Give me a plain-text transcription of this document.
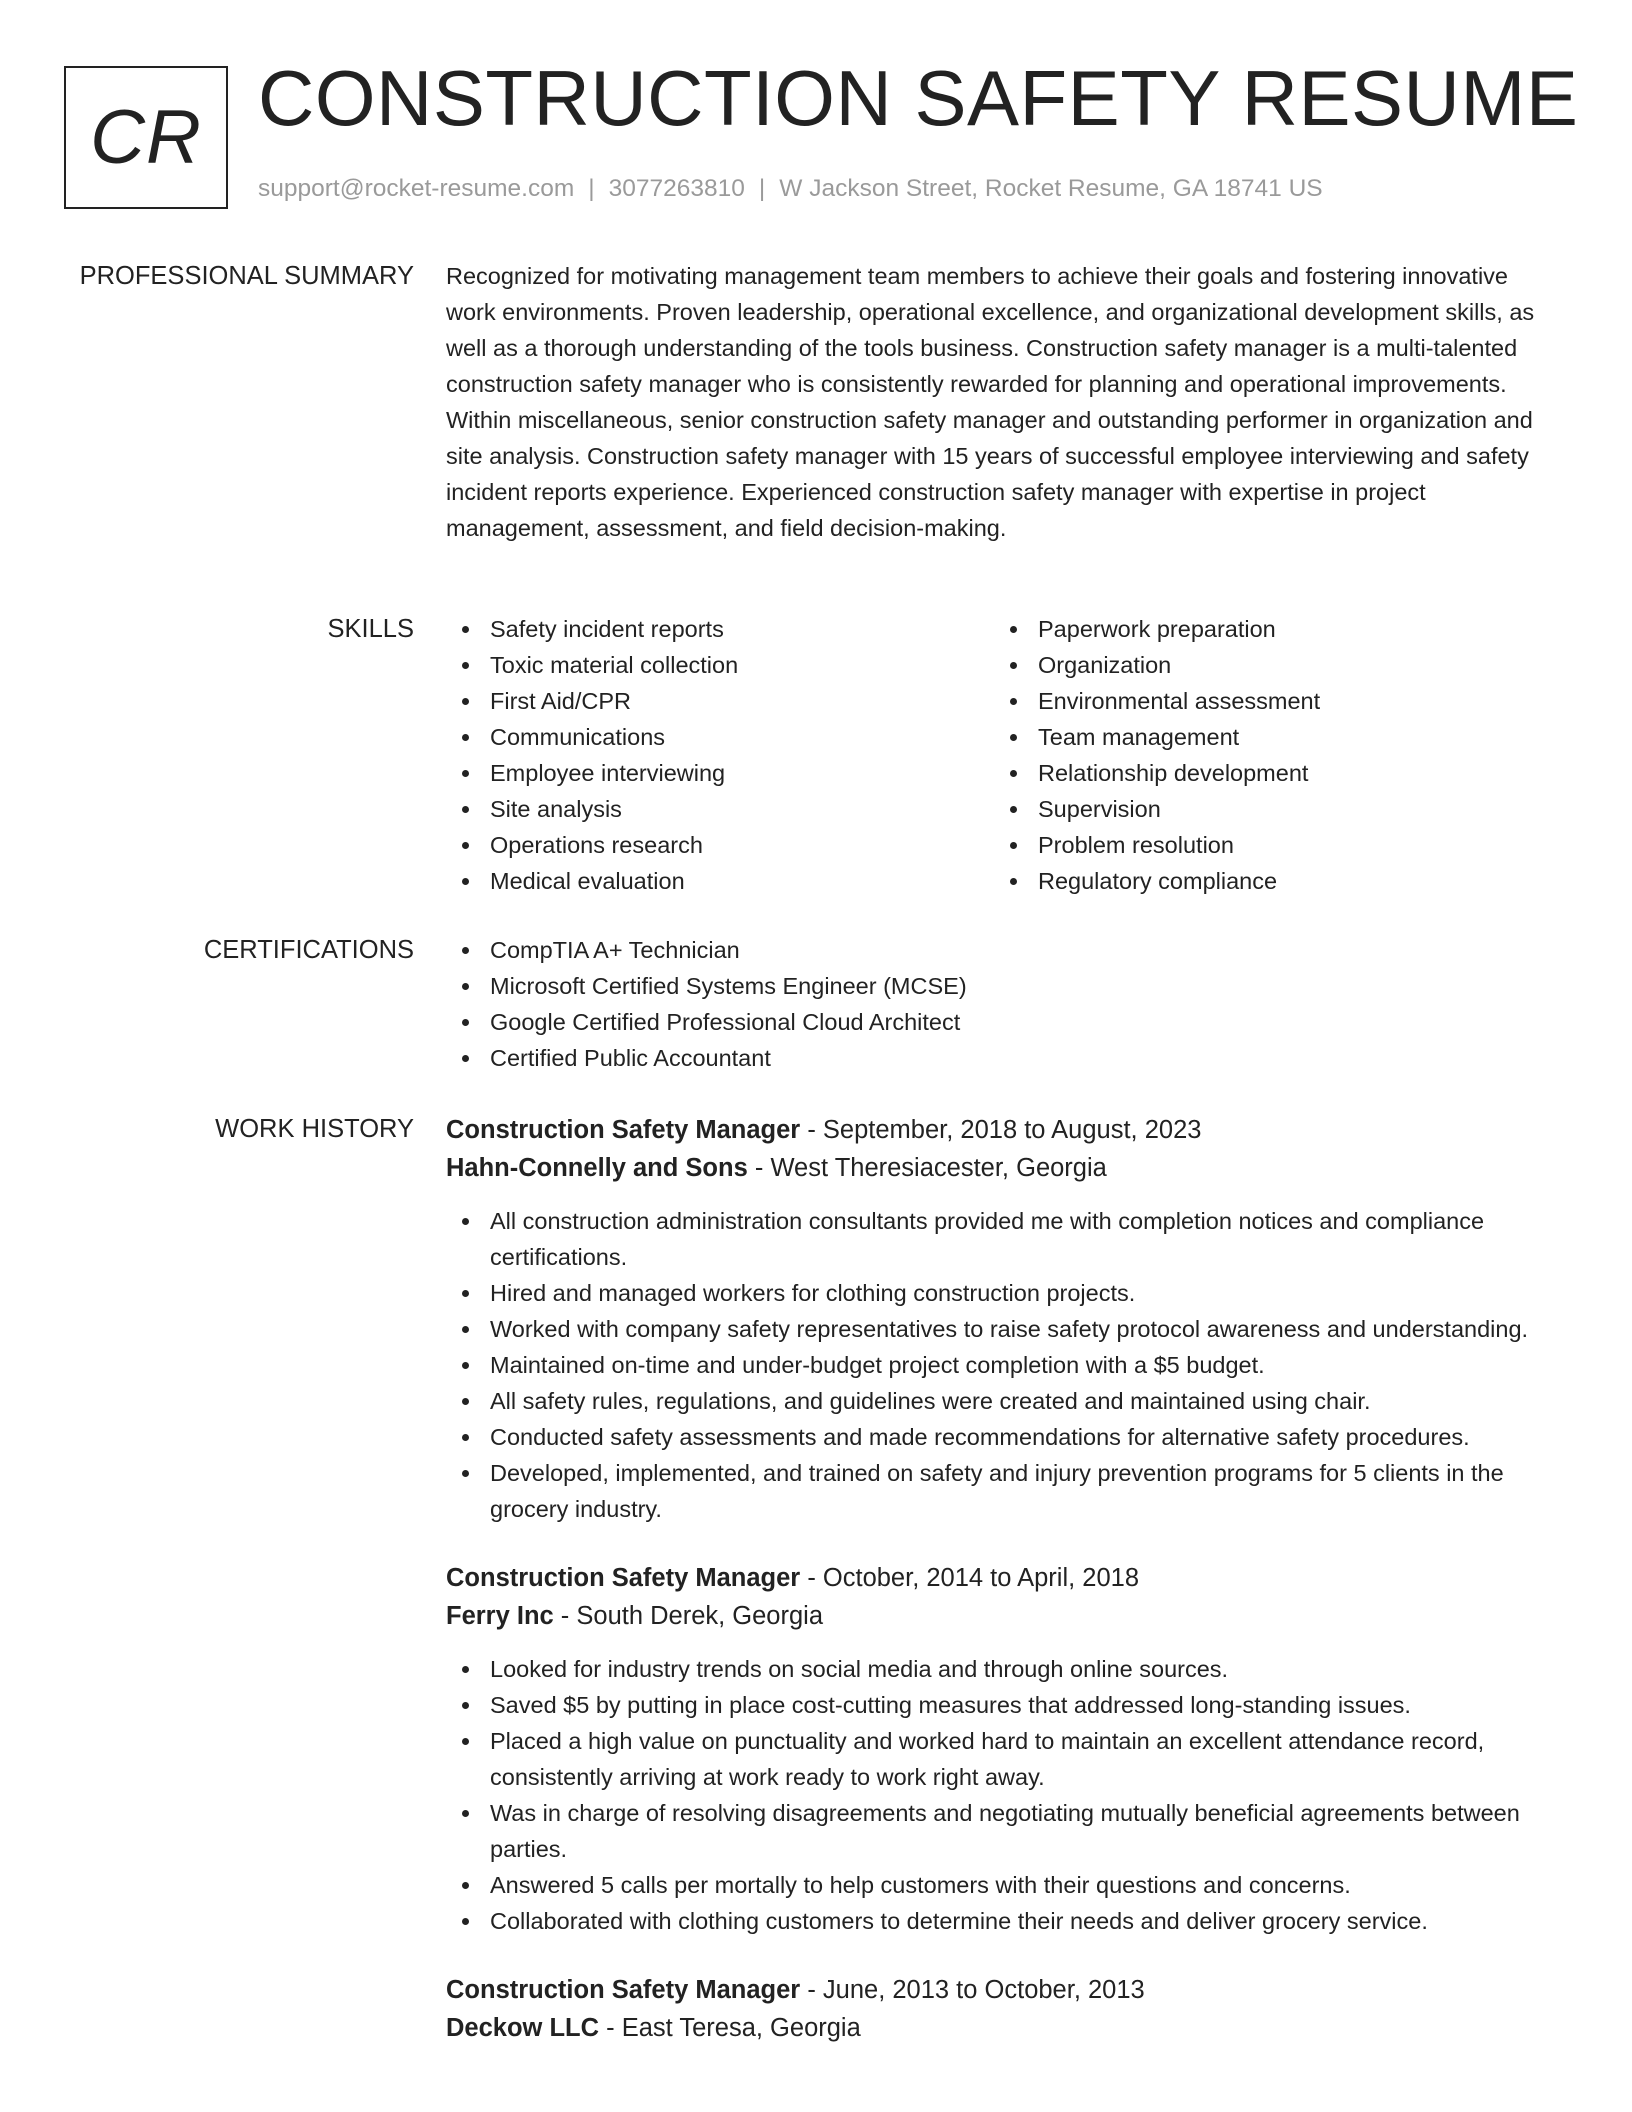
CR CONSTRUCTION SAFETY RESUME
support@rocket-resume.com | 3077263810 | W Jackson Street, Rocket Resume, GA 18741 US
PROFESSIONAL SUMMARY Recognized for motivating management team members to achieve their goals and fostering innovative work environments. Proven leadership, operational excellence, and organizational development skills, as well as a thorough understanding of the tools business. Construction safety manager is a multi-talented construction safety manager who is consistently rewarded for planning and operational improvements. Within miscellaneous, senior construction safety manager and outstanding performer in organization and site analysis. Construction safety manager with 15 years of successful employee interviewing and safety incident reports experience. Experienced construction safety manager with expertise in project management, assessment, and field decision-making.

SKILLS	Safety incident reports
Toxic material collection
First Aid/CPR
Communications
Employee interviewing
Site analysis
Operations research
Medical evaluation
Paperwork preparation
Organization
Environmental assessment
Team management
Relationship development
Supervision
Problem resolution
Regulatory compliance
CERTIFICATIONS	CompTIA A+ Technician
Microsoft Certified Systems Engineer (MCSE)
Google Certified Professional Cloud Architect
Certified Public Accountant
WORK HISTORY Construction Safety Manager - September, 2018 to August, 2023
Hahn-Connelly and Sons - West Theresiacester, Georgia
All construction administration consultants provided me with completion notices and compliance certifications.
Hired and managed workers for clothing construction projects.
Worked with company safety representatives to raise safety protocol awareness and understanding.
Maintained on-time and under-budget project completion with a $5 budget.
All safety rules, regulations, and guidelines were created and maintained using chair.
Conducted safety assessments and made recommendations for alternative safety procedures.
Developed, implemented, and trained on safety and injury prevention programs for 5 clients in the grocery industry.
Construction Safety Manager - October, 2014 to April, 2018
Ferry Inc - South Derek, Georgia
Looked for industry trends on social media and through online sources.
Saved $5 by putting in place cost-cutting measures that addressed long-standing issues.
Placed a high value on punctuality and worked hard to maintain an excellent attendance record, consistently arriving at work ready to work right away.
Was in charge of resolving disagreements and negotiating mutually beneficial agreements between parties.
Answered 5 calls per mortally to help customers with their questions and concerns.
Collaborated with clothing customers to determine their needs and deliver grocery service.
Construction Safety Manager - June, 2013 to October, 2013
Deckow LLC - East Teresa, Georgia
